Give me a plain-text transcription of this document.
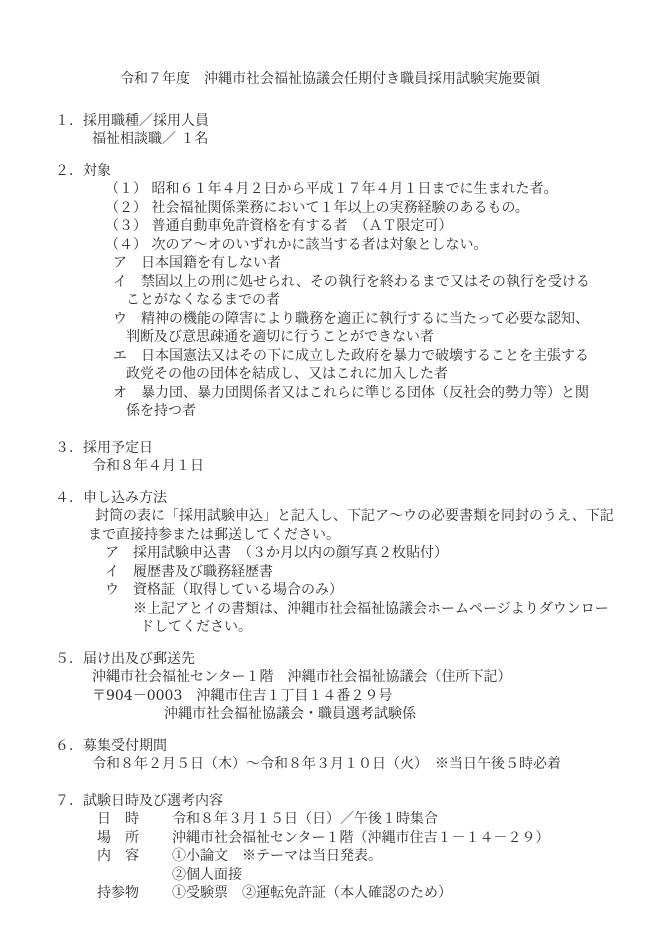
令和７年度　沖縄市社会福祉協議会任期付き職員採用試験実施要領
１．採用職種／採用人員
福祉相談職／ １名
２．対象
（１） 昭和６１年４月２日から平成１７年４月１日までに生まれた者。
（２） 社会福祉関係業務において１年以上の実務経験のあるもの。
（３） 普通自動車免許資格を有する者　（ＡＴ限定可）
（４） 次のア～オのいずれかに該当する者は対象としない。
ア　日本国籍を有しない者
イ　禁固以上の刑に処せられ、その執行を終わるまで又はその執行を受けることがなくなるまでの者
ウ　精神の機能の障害により職務を適正に執行するに当たって必要な認知、判断及び意思疎通を適切に行うことができない者
エ　日本国憲法又はその下に成立した政府を暴力で破壊することを主張する政党その他の団体を結成し、又はこれに加入した者
オ　暴力団、暴力団関係者又はこれらに準じる団体（反社会的勢力等）と関係を持つ者
３．採用予定日
令和８年４月１日
４．申し込み方法
封筒の表に「採用試験申込」と記入し、下記ア～ウの必要書類を同封のうえ、下記まで直接持参または郵送してください。
ア　採用試験申込書　（３か月以内の顔写真２枚貼付）
イ　履歴書及び職務経歴書
ウ　資格証（取得している場合のみ）
※上記アとイの書類は、沖縄市社会福祉協議会ホームページよりダウンロードしてください。
５．届け出及び郵送先
沖縄市社会福祉センター１階　沖縄市社会福祉協議会（住所下記）
〒904－0003　沖縄市住吉１丁目１４番２９号
沖縄市社会福祉協議会・職員選考試験係
６．募集受付期間
令和８年２月５日（木）～令和８年３月１０日（火）　※当日午後５時必着
７．試験日時及び選考内容
日　時 令和８年３月１５日（日）／午後１時集合
場　所 沖縄市社会福祉センター１階（沖縄市住吉１－１４－２９）
内　容 ①小論文　※テーマは当日発表。
②個人面接
持参物 ①受験票　②運転免許証（本人確認のため）
